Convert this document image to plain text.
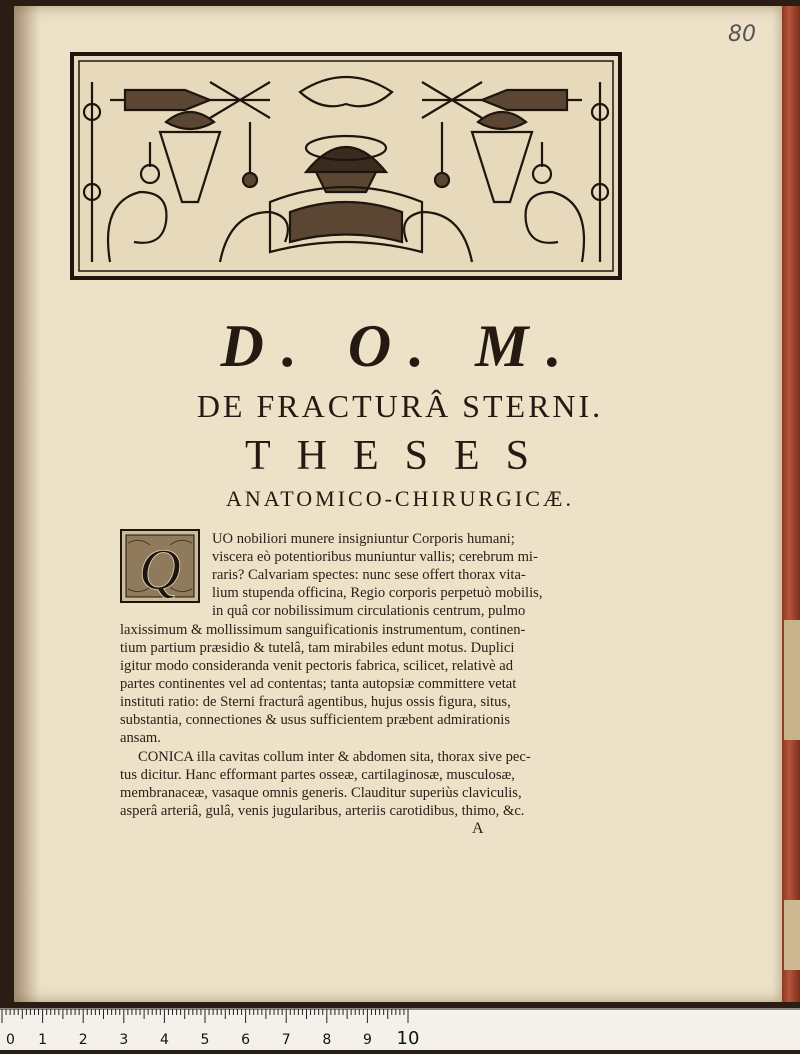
80
D. O. M.
DE FRACTURÂ STERNI.
THESES
ANATOMICO-CHIRURGICÆ.
Q UO nobiliori munere insigniuntur Corporis humani;
viscera eò potentioribus muniuntur vallis; cerebrum mi-
raris? Calvariam spectes: nunc sese offert thorax vita-
lium stupenda officina, Regio corporis perpetuò mobilis,
in quâ cor nobilissimum circulationis centrum, pulmo
laxissimum & mollissimum sanguificationis instrumentum, continen-
tium partium præsidio & tutelâ, tam mirabiles edunt motus. Duplici
igitur modo consideranda venit pectoris fabrica, scilicet, relativè ad
partes continentes vel ad contentas; tanta autopsiæ committere vetat
instituti ratio: de Sterni fracturâ agentibus, hujus ossis figura, situs,
substantia, connectiones & usus sufficientem præbent admirationis
ansam.
CONICA illa cavitas collum inter & abdomen sita, thorax sive pec-
tus dicitur. Hanc efformant partes osseæ, cartilaginosæ, musculosæ,
membranaceæ, vasaque omnis generis. Clauditur superiùs claviculis,
asperâ arteriâ, gulâ, venis jugularibus, arteriis carotidibus, thimo, &c.
A
0 1 2 3 4 5 6 7 8 9 10
